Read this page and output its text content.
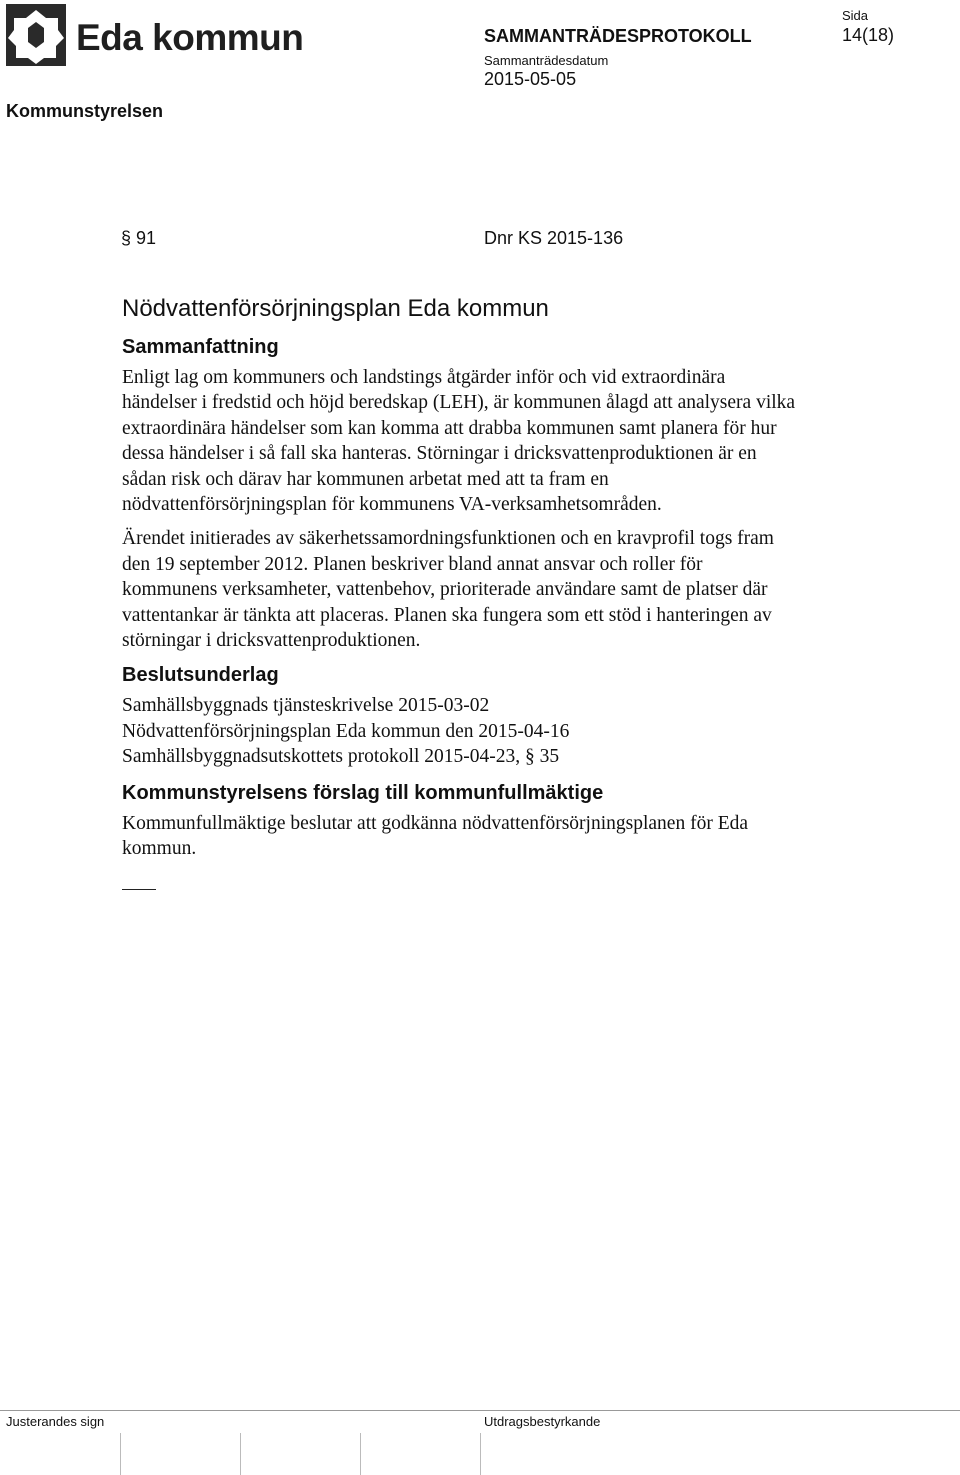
Eda kommun	SAMMANTRÄDESPROTOKOLL
Sammanträdesdatum
2015-05-05
Sida
14(18)
Kommunstyrelsen
§ 91	Dnr KS 2015-136
Nödvattenförsörjningsplan Eda kommun
Sammanfattning

Enligt lag om kommuners och landstings åtgärder inför och vid extraordinära händelser i fredstid och höjd beredskap (LEH), är kommunen ålagd att analysera vilka extraordinära händelser som kan komma att drabba kommunen samt planera för hur dessa händelser i så fall ska hanteras. Störningar i dricksvattenproduktionen är en sådan risk och därav har kommunen arbetat med att ta fram en nödvattenförsörjningsplan för kommunens VA-verksamhetsområden.

Ärendet initierades av säkerhetssamordningsfunktionen och en kravprofil togs fram den 19 september 2012. Planen beskriver bland annat ansvar och roller för kommunens verksamheter, vattenbehov, prioriterade användare samt de platser där vattentankar är tänkta att placeras. Planen ska fungera som ett stöd i hanteringen av störningar i dricksvattenproduktionen.

Beslutsunderlag
Samhällsbyggnads tjänsteskrivelse 2015-03-02
Nödvattenförsörjningsplan Eda kommun den 2015-04-16
Samhällsbyggnadsutskottets protokoll 2015-04-23, § 35
Kommunstyrelsens förslag till kommunfullmäktige

Kommunfullmäktige beslutar att godkänna nödvattenförsörjningsplanen för Eda kommun.

Justerandes sign	Utdragsbestyrkande
